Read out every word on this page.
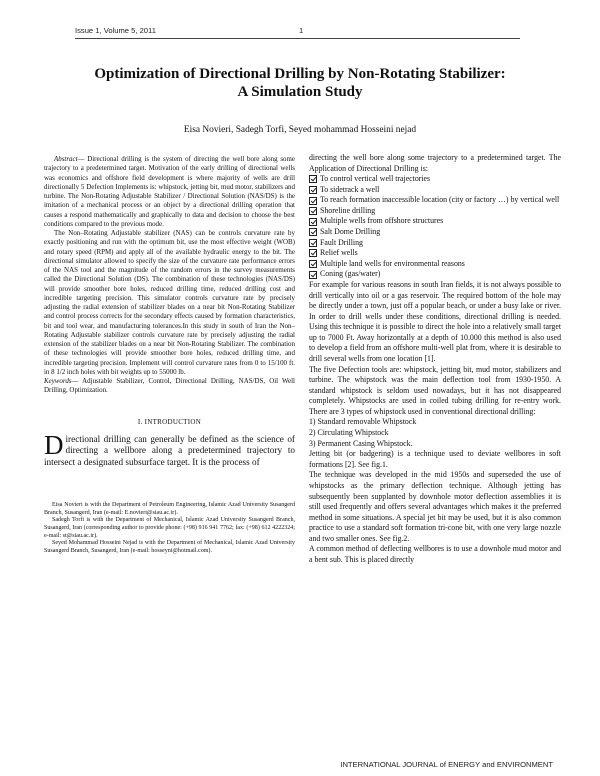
Issue 1, Volume 5, 2011	1
Optimization of Directional Drilling by Non-Rotating Stabilizer:
A Simulation Study
Eisa Novieri, Sadegh Torfi, Seyed mohammad Hosseini nejad

Abstract— Directional drilling is the system of directing the well bore along some trajectory to a predetermined target. Motivation of the early drilling of directional wells was economics and offshore field development is where majority of wells are drill directionally 5 Defection Implements is: whipstock, jetting bit, mud motor, stabilizers and turbine. The Non-Rotating Adjustable Stabilizer / Directional Solution (NAS/DS) is the imitation of a mechanical process or an object by a directional drilling operation that causes a respond mathematically and graphically to data and decision to choose the best conditions compared to the previous mode.

The Non–Rotating Adjustable stabilizer (NAS) can be controls curvature rate by exactly positioning and run with the optimum bit, use the most effective weight (WOB) and rotary speed (RPM) and apply all of the available hydraulic energy to the bit. The directional simulator allowed to specify the size of the curvature rate performance errors of the NAS tool and the magnitude of the random errors in the survey measurements called the Directional Solution (DS). The combination of these technologies (NAS/DS) will provide smoother bore holes, reduced drilling time, reduced drilling cost and incredible targeting precision. This simulator controls curvature rate by precisely adjusting the radial extension of stabilizer blades on a near bit Non-Rotating Stabilizer and control process corrects for the secondary effects caused by formation characteristics, bit and tool wear, and manufacturing tolerances.In this study in south of Iran the Non–Rotating Adjustable stabilizer controls curvature rate by precisely adjusting the radial extension of the stabilizer blades on a near bit Non-Rotating Stabilizer. The combination of these technologies will provide smoother bore holes, reduced drilling time, and incredible targeting precision. Implement will control curvature rates from 0 to 15/100 ft. in 8 1/2 inch holes with bit weights up to 55000 lb.

Keywords— Adjustable Stabilizer, Control, Directional Drilling, NAS/DS, Oil Well Drilling, Optimization.

I. INTRODUCTION

Directional drilling can generally be defined as the science of directing a wellbore along a predetermined trajectory to intersect a designated subsurface target. It is the process of

Eisa Novieri is with the Department of Petroleum Engineering, Islamic Azad University Susangerd Branch, Susangerd, Iran (e-mail: E.novieri@siau.ac.ir).

Sadegh Torfi is with the Department of Mechanical, Islamic Azad University Susangerd Branch, Susangerd, Iran (corresponding author to provide phone: (+98) 916 941 7762; fax: (+98) 612 4222324; e-mail: st@siau.ac.ir).

Seyed Mohammad Hosseini Nejad is with the Department of Mechanical, Islamic Azad University Susangerd Branch, Susangerd, Iran (e-mail: hosseyni@hotmail.com).

directing the well bore along some trajectory to a predetermined target. The Application of Directional Drilling is:

To control vertical well trajectories
To sidetrack a well
To reach formation inaccessible location (city or factory …) by vertical well
Shoreline drilling
Multiple wells from offshore structures
Salt Dome Drilling
Fault Drilling
Relief wells
Multiple land wells for environmental reasons
Coning (gas/water)

For example for various reasons in south Iran fields, it is not always possible to drill vertically into oil or a gas reservoir. The required bottom of the hole may be directly under a town, just off a popular beach, or under a busy lake or river. In order to drill wells under these conditions, directional drilling is needed. Using this technique it is possible to direct the hole into a relatively small target up to 7000 Ft. Away horizontally at a depth of 10.000 this method is also used to develop a field from an offshore multi-well plat from, where it is desirable to drill several wells from one location [1].

The five Defection tools are: whipstock, jetting bit, mud motor, stabilizers and turbine. The whipstock was the main deflection tool from 1930-1950. A standard whipstock is seldom used nowadays, but it has not disappeared completely. Whipstocks are used in coiled tubing drilling for re-entry work. There are 3 types of whipstock used in conventional directional drilling:

1) Standard removable Whipstock
2) Circulating Whipstock
3) Permanent Casing Whipstock.

Jetting bit (or badgering) is a technique used to deviate wellbores in soft formations [2]. See fig.1.

The technique was developed in the mid 1950s and superseded the use of whipstocks as the primary deflection technique. Although jetting has subsequently been supplanted by downhole motor deflection assemblies it is still used frequently and offers several advantages which makes it the preferred method in some situations. A special jet bit may be used, but it is also common practice to use a standard soft formation tri-cone bit, with one very large nozzle and two smaller ones. See fig.2.

A common method of deflecting wellbores is to use a downhole mud motor and a bent sub. This is placed directly

INTERNATIONAL JOURNAL of ENERGY and ENVIRONMENT
